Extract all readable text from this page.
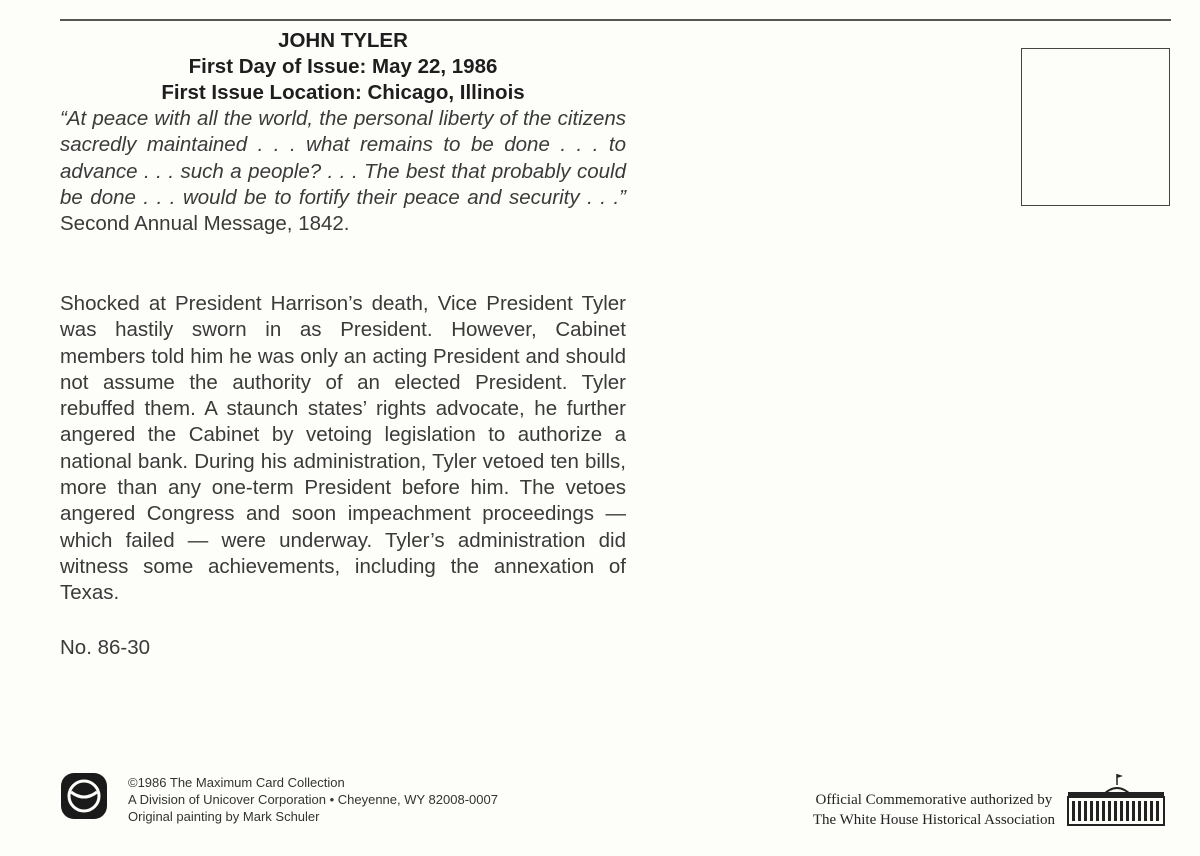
JOHN TYLER
First Day of Issue: May 22, 1986
First Issue Location: Chicago, Illinois
“At peace with all the world, the personal liberty of the citizens sacredly maintained . . . what remains to be done . . . to advance . . . such a people? . . . The best that probably could be done . . . would be to fortify their peace and security . . .” Second Annual Message, 1842.
Shocked at President Harrison’s death, Vice President Tyler was hastily sworn in as President. However, Cabinet members told him he was only an acting President and should not assume the authority of an elected President. Tyler rebuffed them. A staunch states’ rights advocate, he further angered the Cabinet by vetoing legislation to authorize a national bank. During his administration, Tyler vetoed ten bills, more than any one-term President before him. The vetoes angered Congress and soon impeachment proceedings — which failed — were underway. Tyler’s administration did witness some achievements, including the annexation of Texas.
No. 86-30
©1986 The Maximum Card Collection
A Division of Unicover Corporation • Cheyenne, WY 82008-0007
Original painting by Mark Schuler
Official Commemorative authorized by
The White House Historical Association
